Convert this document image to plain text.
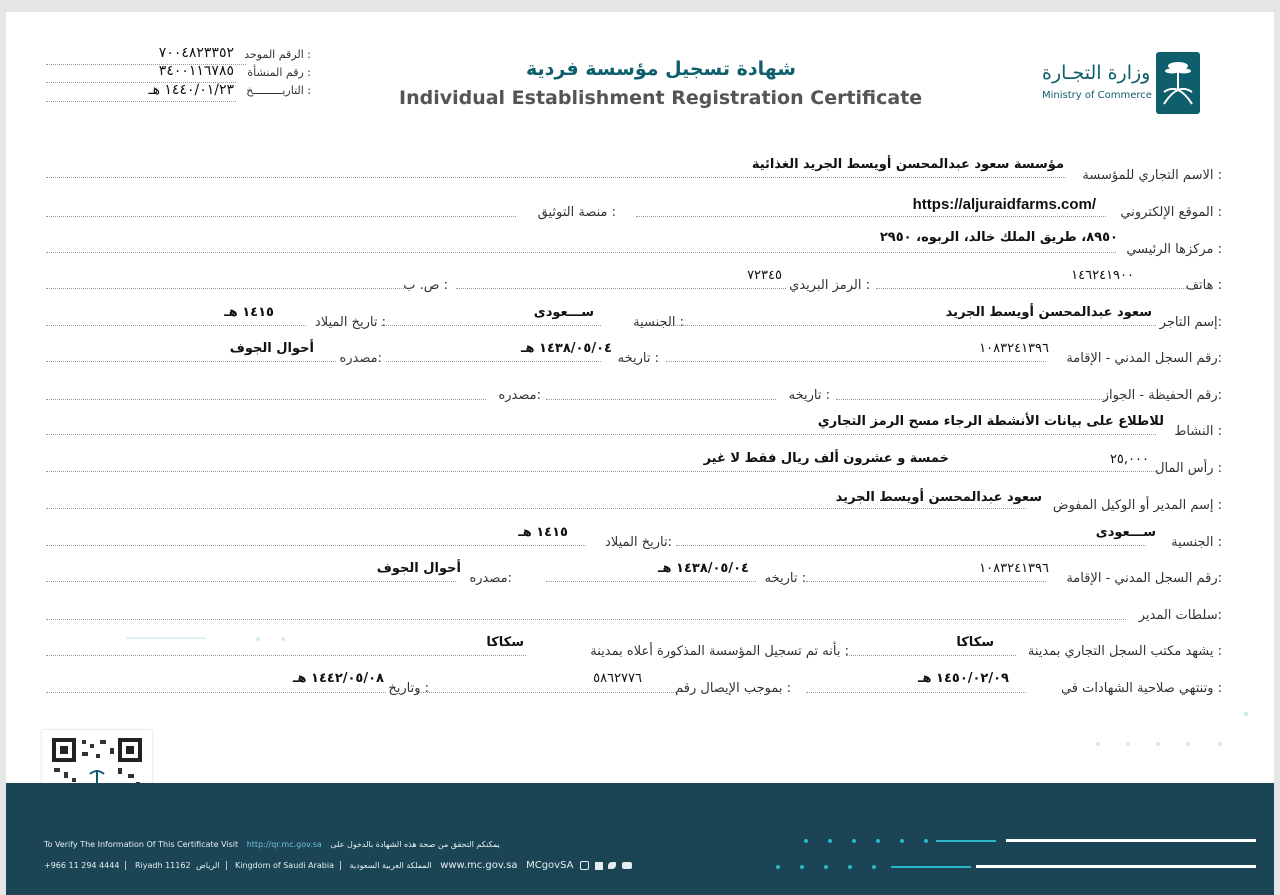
الرقم الموحد :
٧٠٠٤٨٢٣٣٥٢
رقم المنشأة :
٣٤٠٠١١٦٧٨٥
التاريـــــــــخ :
١٤٤٠/٠١/٢٣ هـ
شهادة تسجيل مؤسسة فردية
Individual Establishment Registration Certificate
وزارة التجـارة
Ministry of Commerce
الاسم التجاري للمؤسسة :
مؤسسة سعود عبدالمحسن أويسط الجريد الغذائية
الموقع الإلكتروني :
https://aljuraidfarms.com/
منصة التوثيق :
مركزها الرئيسي :
٨٩٥٠، طريق الملك خالد، الربوه، ٢٩٥٠
هاتف :
١٤٦٢٤١٩٠٠
الرمز البريدي :
٧٢٣٤٥
ص. ب :
إسم التاجر:
سعود عبدالمحسن أويسط الجريد
الجنسية :
ســـعودى
تاريخ الميلاد :
١٤١٥ هـ
رقم السجل المدني - الإقامة:
١٠٨٣٢٤١٣٩٦
تاريخه :
١٤٣٨/٠٥/٠٤ هـ
مصدره:
أحوال الجوف
رقم الحفيظة - الجواز:
تاريخه :
مصدره:
النشاط :
للاطلاع على بيانات الأنشطة الرجاء مسح الرمز التجاري
رأس المال :
٢٥,٠٠٠
خمسة و عشرون ألف ريال فقط لا غير
إسم المدير أو الوكيل المفوض :
سعود عبدالمحسن أويسط الجريد
الجنسية :
ســـعودى
تاريخ الميلاد:
١٤١٥ هـ
رقم السجل المدني - الإقامة:
١٠٨٣٢٤١٣٩٦
تاريخه :
١٤٣٨/٠٥/٠٤ هـ
مصدره:
أحوال الجوف
سلطات المدير:
يشهد مكتب السجل التجاري بمدينة :
سكاكا
بأنه تم تسجيل المؤسسة المذكورة أعلاه بمدينة :
سكاكا
وتنتهي صلاحية الشهادات في :
١٤٥٠/٠٢/٠٩ هـ
بموجب الإيصال رقم :
٥٨٦٢٧٧٦
وتاريخ :
١٤٤٢/٠٥/٠٨ هـ
To Verify The Information Of This Certificate Visit http://qr.mc.gov.sa يمكنكم التحقق من صحة هذه الشهادة بالدخول على
+966 11 294 4444 Riyadh 11162 الرياض Kingdom of Saudi Arabia المملكة العربية السعودية www.mc.gov.sa MCgovSA
